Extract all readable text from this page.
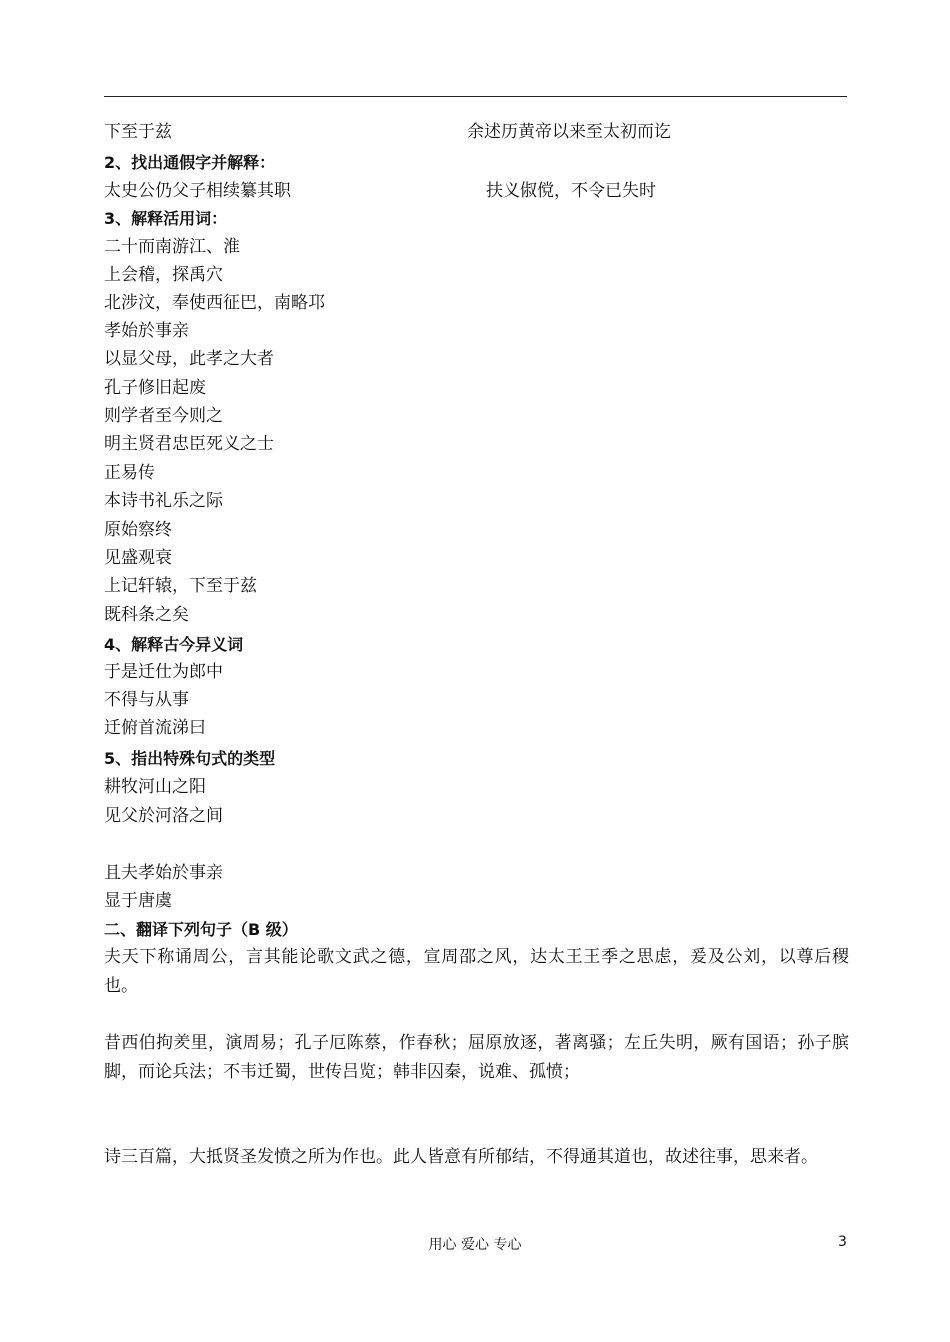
下至于兹	余述历黄帝以来至太初而讫
2、找出通假字并解释：
太史公仍父子相续纂其职	扶义俶傥，不令已失时
3、解释活用词：
二十而南游江、淮
上会稽，探禹穴
北涉汶，奉使西征巴，南略邛
孝始於事亲
以显父母，此孝之大者
孔子修旧起废
则学者至今则之
明主贤君忠臣死义之士
正易传
本诗书礼乐之际
原始察终
见盛观衰
上记轩辕，下至于兹
既科条之矣
4、解释古今异义词
于是迁仕为郎中
不得与从事
迁俯首流涕曰
5、指出特殊句式的类型
耕牧河山之阳
见父於河洛之间
且夫孝始於事亲
显于唐虞
二、翻译下列句子（B 级）
夫天下称诵周公，言其能论歌文武之德，宣周邵之风，达太王王季之思虑，爰及公刘，以尊后稷也。
昔西伯拘羑里，演周易；孔子厄陈蔡，作春秋；屈原放逐，著离骚；左丘失明，厥有国语；孙子膑脚，而论兵法；不韦迁蜀，世传吕览；韩非囚秦，说难、孤愤；
诗三百篇，大抵贤圣发愤之所为作也。此人皆意有所郁结，不得通其道也，故述往事，思来者。
用心 爱心 专心	3
